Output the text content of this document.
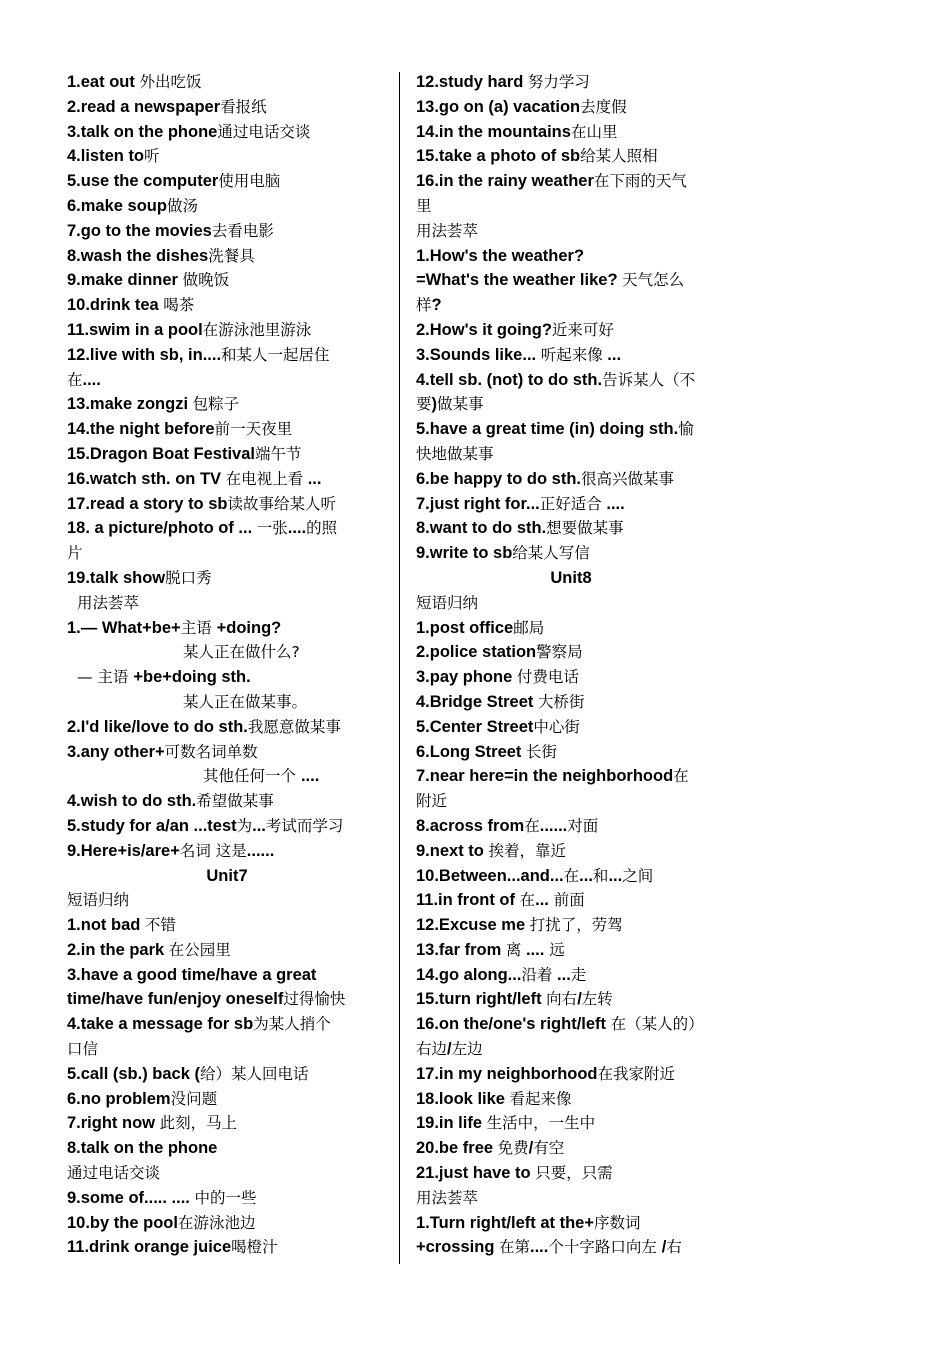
1.eat out 外出吃饭
2.read a newspaper看报纸
3.talk on the phone通过电话交谈
4.listen to听
5.use the computer使用电脑
6.make soup做汤
7.go to the movies去看电影
8.wash the dishes洗餐具
9.make dinner 做晚饭
10.drink tea 喝茶
11.swim in a pool在游泳池里游泳
12.live with sb, in....和某人一起居住
在....
13.make zongzi 包粽子
14.the night before前一天夜里
15.Dragon Boat Festival端午节
16.watch sth. on TV 在电视上看 ...
17.read a story to sb读故事给某人听
18. a picture/photo of ... 一张....的照
片
19.talk show脱口秀
用法荟萃
1.— What+be+主语 +doing?
某人正在做什么?
— 主语 +be+doing sth.
某人正在做某事。
2.I'd like/love to do sth.我愿意做某事
3.any other+可数名词单数
其他任何一个 ....
4.wish to do sth.希望做某事
5.study for a/an ...test为...考试而学习
9.Here+is/are+名词 这是......
Unit7
短语归纳
1.not bad 不错
2.in the park 在公园里
3.have a good time/have a great
time/have fun/enjoy oneself过得愉快
4.take a message for sb为某人捎个
口信
5.call (sb.) back (给）某人回电话
6.no problem没问题
7.right now 此刻，马上
8.talk on the phone
通过电话交谈
9.some of..... .... 中的一些
10.by the pool在游泳池边
11.drink orange juice喝橙汁
12.study hard 努力学习
13.go on (a) vacation去度假
14.in the mountains在山里
15.take a photo of sb给某人照相
16.in the rainy weather在下雨的天气
里
用法荟萃
1.How's the weather?
=What's the weather like? 天气怎么
样?
2.How's it going?近来可好
3.Sounds like... 听起来像 ...
4.tell sb. (not) to do sth.告诉某人（不
要)做某事
5.have a great time (in) doing sth.愉
快地做某事
6.be happy to do sth.很高兴做某事
7.just right for...正好适合 ....
8.want to do sth.想要做某事
9.write to sb给某人写信
Unit8
短语归纳
1.post office邮局
2.police station警察局
3.pay phone 付费电话
4.Bridge Street 大桥街
5.Center Street中心街
6.Long Street 长街
7.near here=in the neighborhood在
附近
8.across from在......对面
9.next to 挨着，靠近
10.Between...and...在...和...之间
11.in front of 在... 前面
12.Excuse me 打扰了，劳驾
13.far from 离 .... 远
14.go along...沿着 ...走
15.turn right/left 向右/左转
16.on the/one's right/left 在（某人的）
右边/左边
17.in my neighborhood在我家附近
18.look like 看起来像
19.in life 生活中，一生中
20.be free 免费/有空
21.just have to 只要，只需
用法荟萃
1.Turn right/left at the+序数词
+crossing 在第....个十字路口向左 /右
